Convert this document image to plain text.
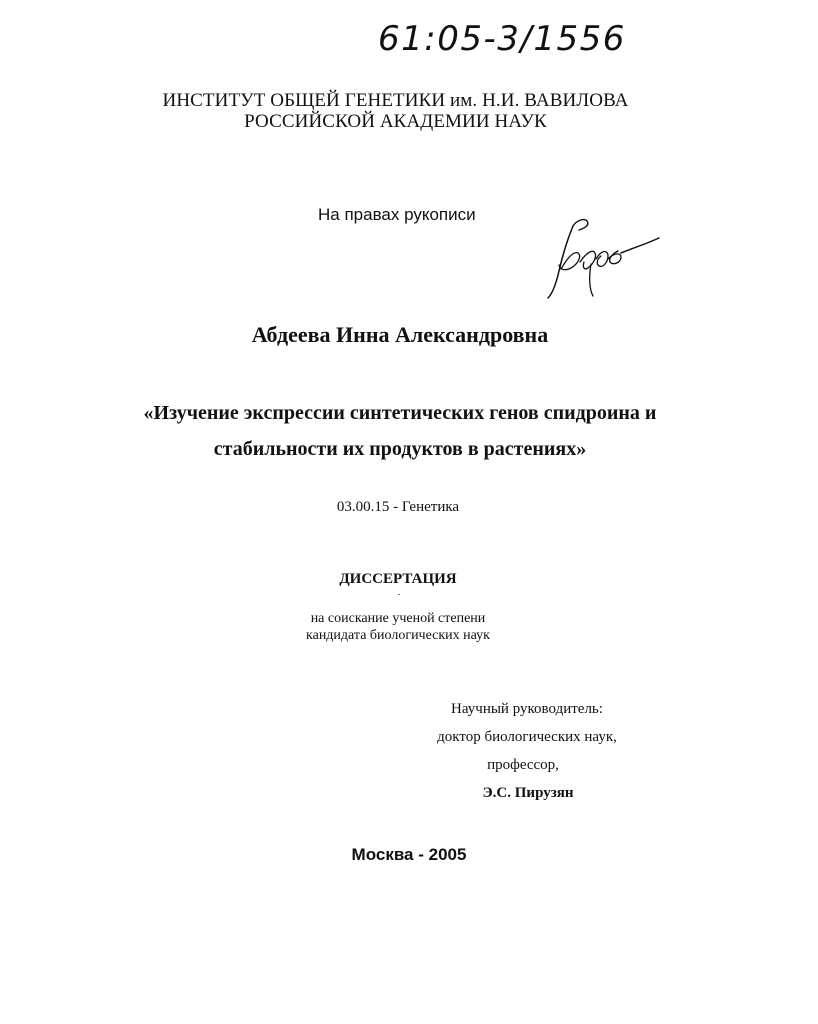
61:05-3/1556
ИНСТИТУТ ОБЩЕЙ ГЕНЕТИКИ им. Н.И. ВАВИЛОВА
РОССИЙСКОЙ АКАДЕМИИ НАУК
На правах рукописи
Абд
Абдеева Инна Александровна
«Изучение экспрессии синтетических генов спидроина и
стабильности их продуктов в растениях»
03.00.15 - Генетика
ДИССЕРТАЦИЯ
на соискание ученой степени
кандидата биологических наук
Научный руководитель:
доктор биологических наук,
профессор,
Э.С. Пирузян
Москва - 2005
